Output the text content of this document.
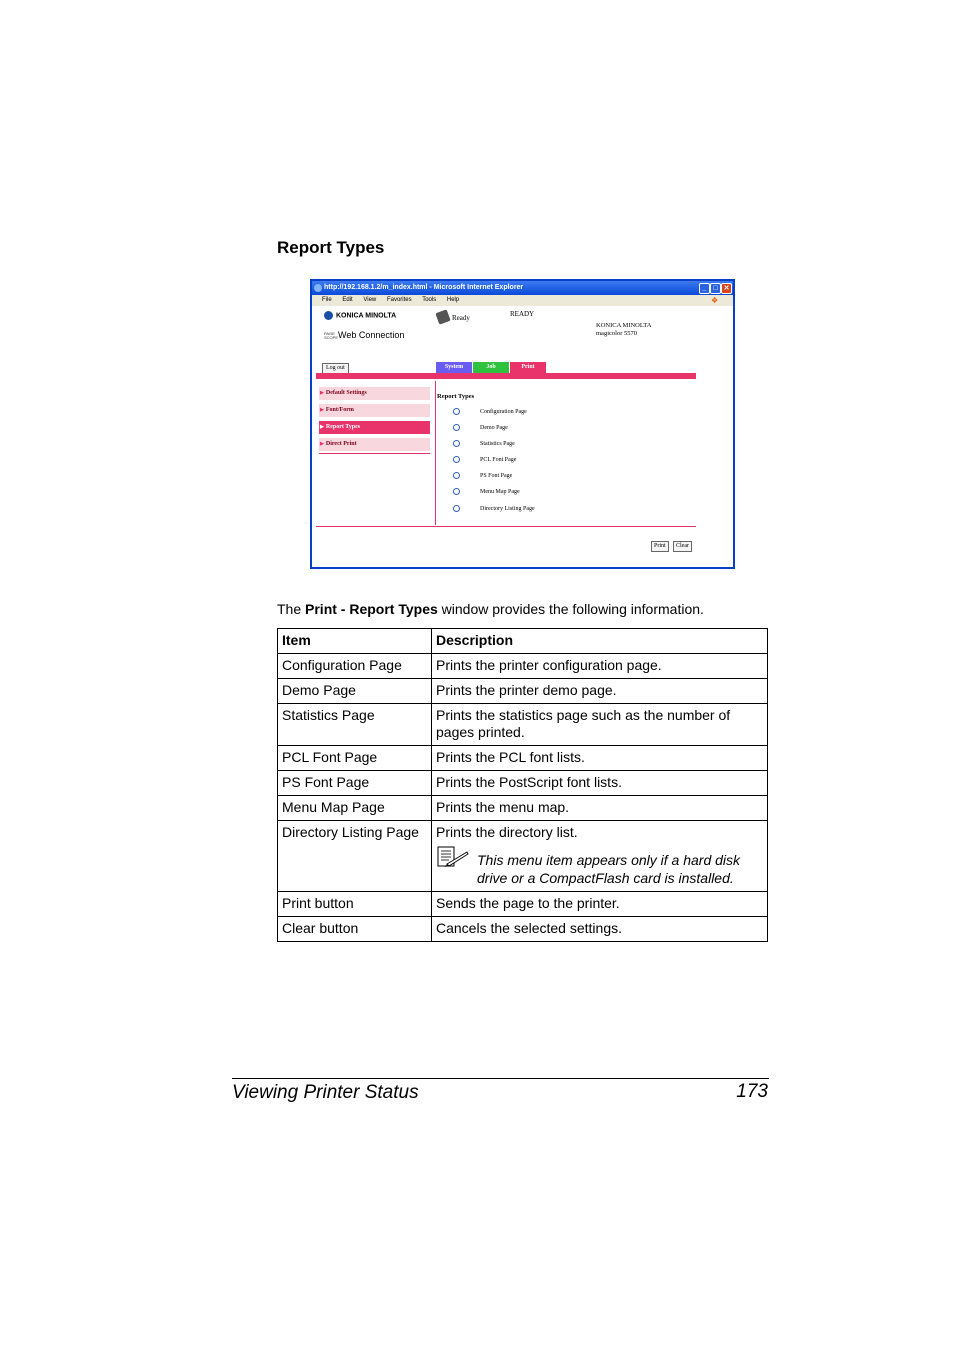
Report Types
http://192.168.1.2/m_index.html - Microsoft Internet Explorer	_ □ ✕
File Edit View Favorites Tools Help	❖
KONICA MINOLTA
PAGE SCOPEWeb Connection
Ready	READY
KONICA MINOLTA
magicolor 5570
Log out	System	Job	Print
▶ Default Settings
▶ Font/Form
▶ Report Types
▶ Direct Print
Report Types
Configuration Page
Demo Page
Statistics Page
PCL Font Page
PS Font Page
Menu Map Page
Directory Listing Page
Print	Clear
The Print - Report Types window provides the following information.
Item	Description
Configuration Page	Prints the printer configuration page.
Demo Page	Prints the printer demo page.
Statistics Page	Prints the statistics page such as the number of pages printed.
PCL Font Page	Prints the PCL font lists.
PS Font Page	Prints the PostScript font lists.
Menu Map Page	Prints the menu map.
Directory Listing Page	Prints the directory list.
This menu item appears only if a hard disk drive or a CompactFlash card is installed.

Print button	Sends the page to the printer.
Clear button	Cancels the selected settings.
Viewing Printer Status	173
